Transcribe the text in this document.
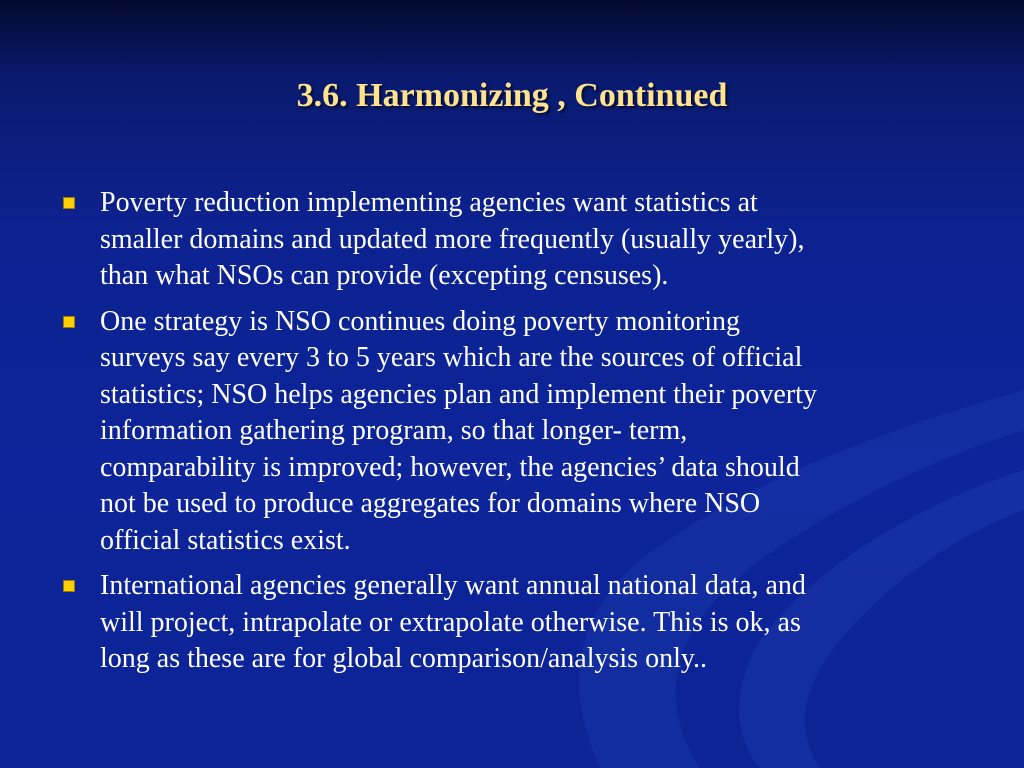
3.6. Harmonizing , Continued
Poverty reduction implementing agencies want statistics at
smaller domains and updated more frequently (usually yearly),
than what NSOs can provide (excepting censuses).
One strategy is NSO continues doing poverty monitoring
surveys say every 3 to 5 years which are the sources of official
statistics; NSO helps agencies plan and implement their poverty
information gathering program, so that longer- term,
comparability is improved; however, the agencies’ data should
not be used to produce aggregates for domains where NSO
official statistics exist.
International agencies generally want annual national data, and
will project, intrapolate or extrapolate otherwise. This is ok, as
long as these are for global comparison/analysis only..
